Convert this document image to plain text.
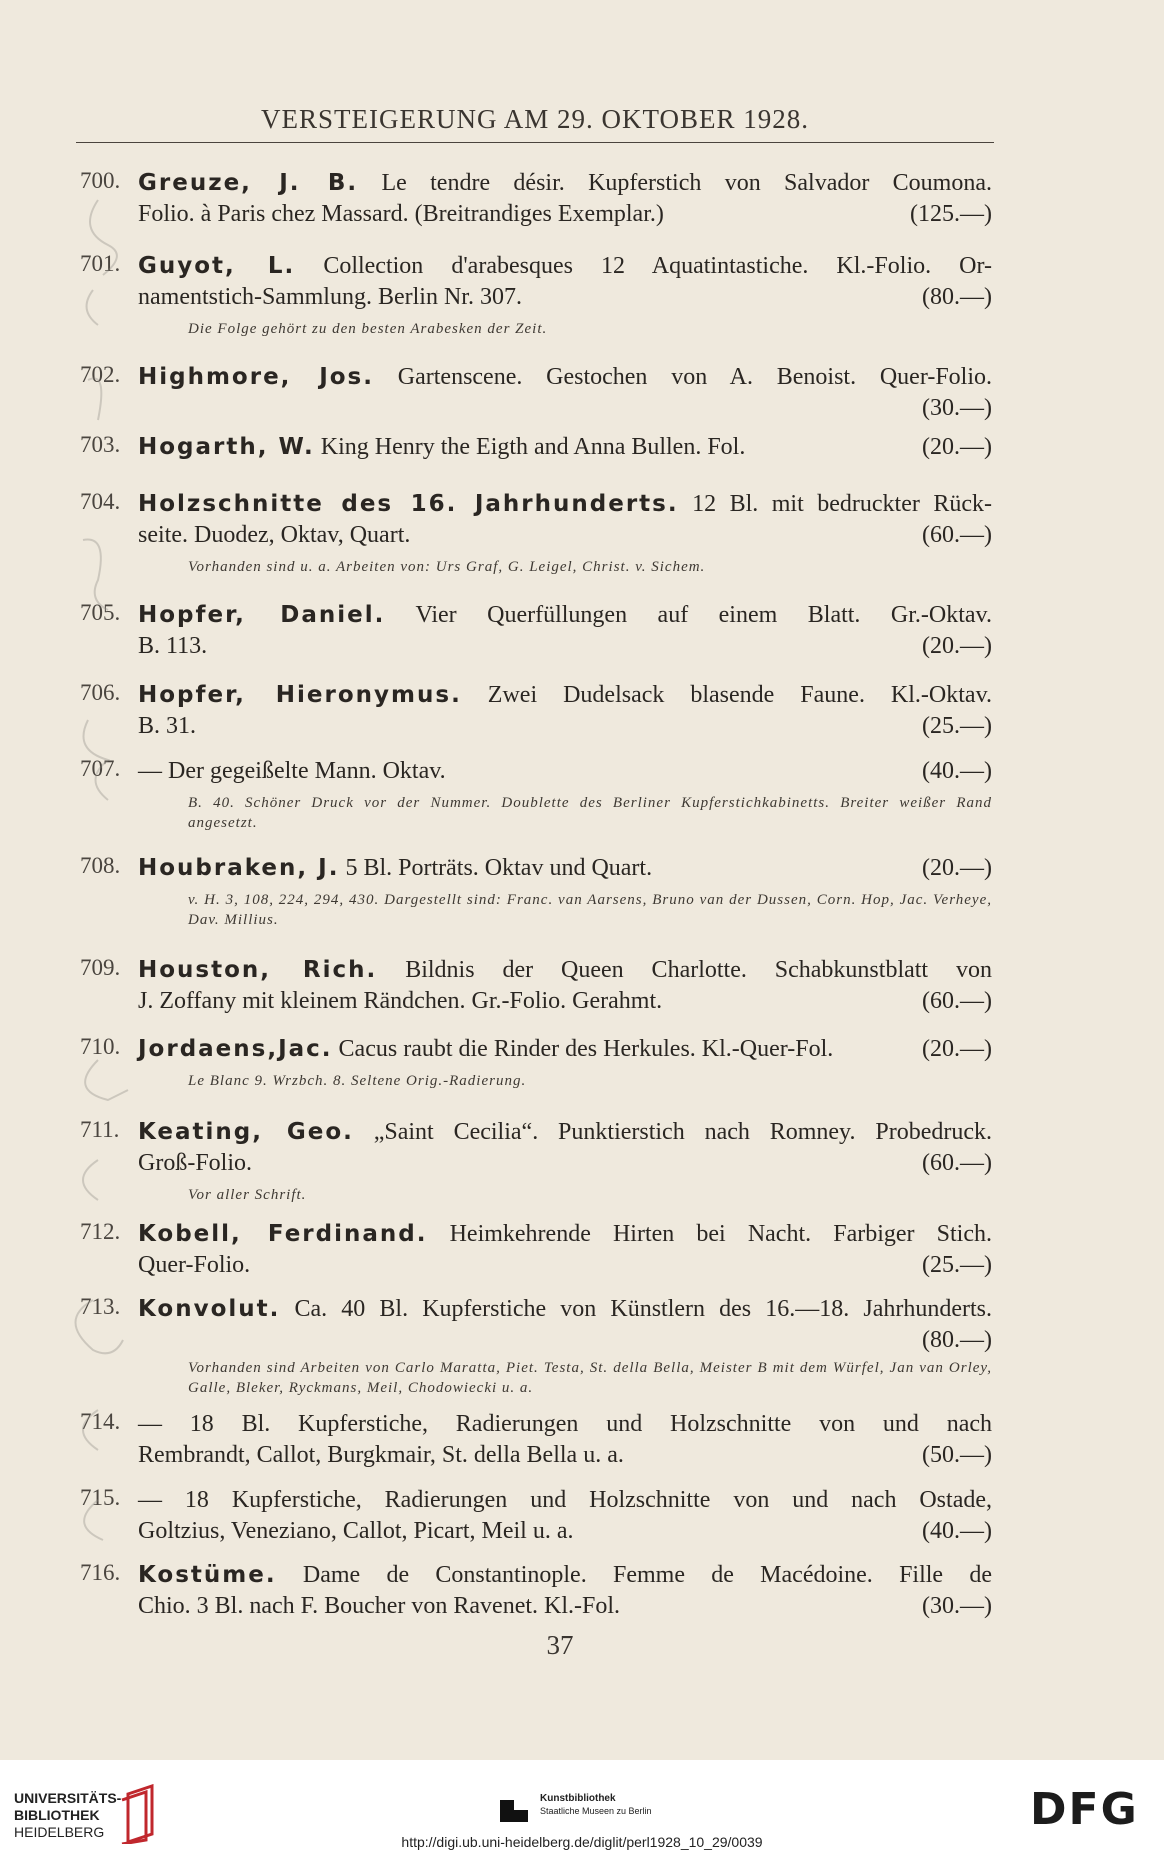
VERSTEIGERUNG AM 29. OKTOBER 1928.
700. Greuze, J. B. Le tendre désir. Kupferstich von Salvador Coumona.
Folio. à Paris chez Massard. (Breitrandiges Exemplar.)	(125.—)
701. Guyot, L. Collection d'arabesques 12 Aquatintastiche. Kl.-Folio. Or-
namentstich-Sammlung. Berlin Nr. 307.	(80.—)
Die Folge gehört zu den besten Arabesken der Zeit.
702. Highmore, Jos. Gartenscene. Gestochen von A. Benoist. Quer-Folio.
(30.—)
703. Hogarth, W. King Henry the Eigth and Anna Bullen. Fol.	(20.—)
704. Holzschnitte des 16. Jahrhunderts. 12 Bl. mit bedruckter Rück-
seite. Duodez, Oktav, Quart.	(60.—)
Vorhanden sind u. a. Arbeiten von: Urs Graf, G. Leigel, Christ. v. Sichem.
705. Hopfer, Daniel. Vier Querfüllungen auf einem Blatt. Gr.-Oktav.
B. 113.	(20.—)
706. Hopfer, Hieronymus. Zwei Dudelsack blasende Faune. Kl.-Oktav.
B. 31.	(25.—)
707. — Der gegeißelte Mann. Oktav.	(40.—)
B. 40. Schöner Druck vor der Nummer. Doublette des Berliner Kupferstichkabinetts. Breiter weißer Rand angesetzt.
708. Houbraken, J. 5 Bl. Porträts. Oktav und Quart.	(20.—)
v. H. 3, 108, 224, 294, 430. Dargestellt sind: Franc. van Aarsens, Bruno van der Dussen, Corn. Hop, Jac. Verheye, Dav. Millius.
709. Houston, Rich. Bildnis der Queen Charlotte. Schabkunstblatt von
J. Zoffany mit kleinem Rändchen. Gr.-Folio. Gerahmt.	(60.—)
710. Jordaens,Jac. Cacus raubt die Rinder des Herkules. Kl.-Quer-Fol.	(20.—)
Le Blanc 9. Wrzbch. 8. Seltene Orig.-Radierung.
711. Keating, Geo. „Saint Cecilia“. Punktierstich nach Romney. Probedruck.
Groß-Folio.	(60.—)
Vor aller Schrift.
712. Kobell, Ferdinand. Heimkehrende Hirten bei Nacht. Farbiger Stich.
Quer-Folio.	(25.—)
713. Konvolut. Ca. 40 Bl. Kupferstiche von Künstlern des 16.—18. Jahrhunderts.
(80.—)
Vorhanden sind Arbeiten von Carlo Maratta, Piet. Testa, St. della Bella, Meister B mit dem Würfel, Jan van Orley, Galle, Bleker, Ryckmans, Meil, Chodowiecki u. a.
714. — 18 Bl. Kupferstiche, Radierungen und Holzschnitte von und nach
Rembrandt, Callot, Burgkmair, St. della Bella u. a.	(50.—)
715. — 18 Kupferstiche, Radierungen und Holzschnitte von und nach Ostade,
Goltzius, Veneziano, Callot, Picart, Meil u. a.	(40.—)
716. Kostüme. Dame de Constantinople. Femme de Macédoine. Fille de
Chio. 3 Bl. nach F. Boucher von Ravenet. Kl.-Fol.	(30.—)
37
UNIVERSITÄTS-
BIBLIOTHEK
HEIDELBERG
Kunstbibliothek
Staatliche Museen zu Berlin	DFG
http://digi.ub.uni-heidelberg.de/diglit/perl1928_10_29/0039
